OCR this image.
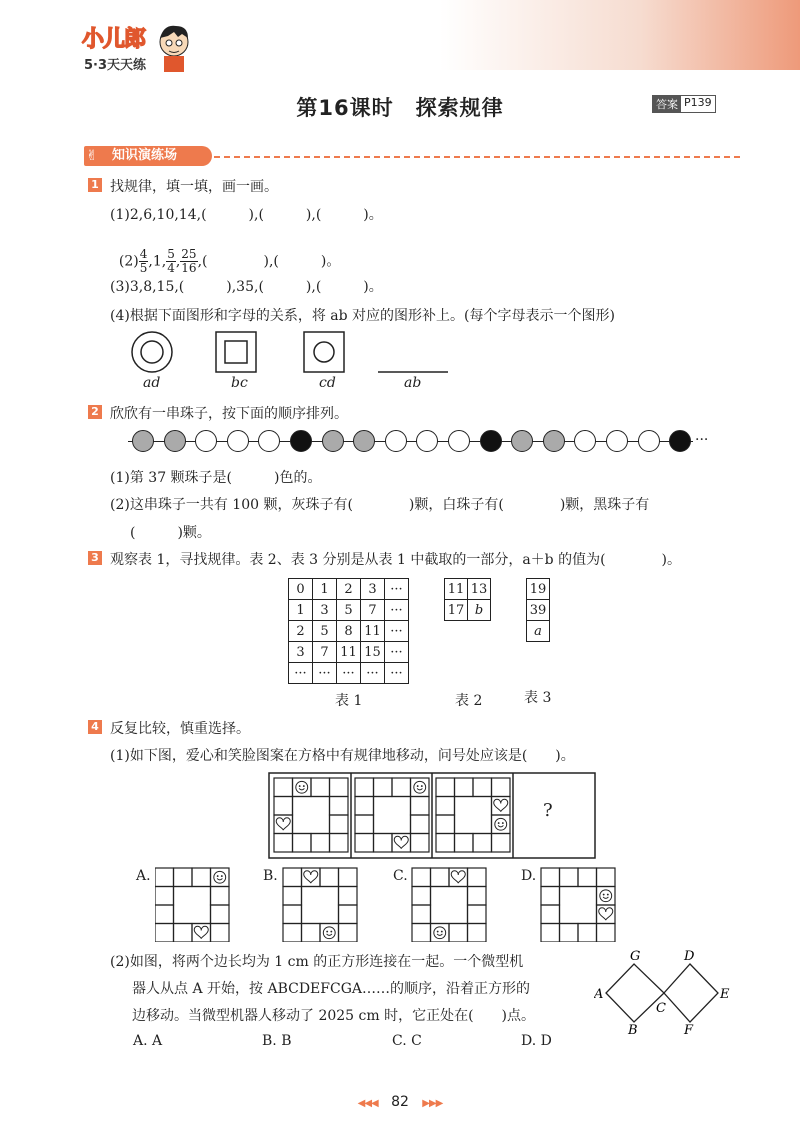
小儿郎
5·3天天练
第16课时　探索规律	答案 P139
知识演练场
✌
1 找规律，填一填，画一画。
(1)2,6,10,14,(　　　),(　　　),(　　　)。

$(2) \frac{4}{5} ,1$, $\frac{5}{4}$ , $\frac{25}{16}$ ,(　　　　),(　　　)。

(3)3,8,15,(　　　),35,(　　　),(　　　)。
(4)根据下面图形和字母的关系，将 ab 对应的图形补上。(每个字母表示一个图形)
ad	bc	cd	ab
2 欣欣有一串珠子，按下面的顺序排列。
···
(1)第 37 颗珠子是(　　　)色的。
(2)这串珠子一共有 100 颗，灰珠子有(　　　　)颗，白珠子有(　　　　)颗，黑珠子有
(　　　)颗。
3 观察表 1，寻找规律。表 2、表 3 分别是从表 1 中截取的一部分，a＋b 的值为(　　　　)。
0	1	2	3	···
1	3	5	7	···
2	5	8	11	···
3	7	11	15	···
···	···	···	···	···
11	13
17	b
19
39
a
表 1	表 2	表 3
4 反复比较，慎重选择。
(1)如下图，爱心和笑脸图案在方格中有规律地移动，问号处应该是(　　)。
?
A.	B.	C.	D.
(2)如图，将两个边长均为 1 cm 的正方形连接在一起。一个微型机
器人从点 A 开始，按 ABCDEFCGA……的顺序，沿着正方形的
边移动。当微型机器人移动了 2025 cm 时，它正处在(　　)点。
A. A	B. B	C. C	D. D
G	D
A
C
E
B	F
◀◀◀ 82 ▶▶▶
